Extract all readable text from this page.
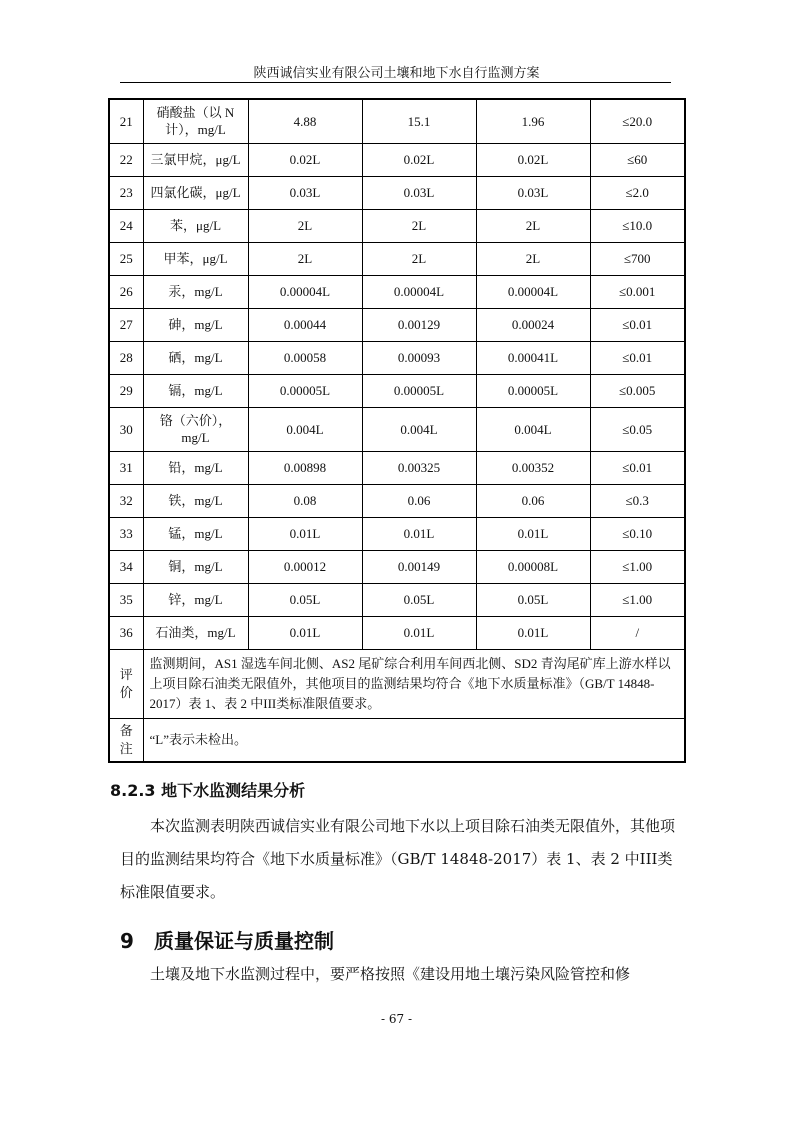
陕西诚信实业有限公司土壤和地下水自行监测方案
21	硝酸盐（以 N 计），mg/L	4.88	15.1	1.96	≤20.0
22	三氯甲烷，μg/L	0.02L	0.02L	0.02L	≤60
23	四氯化碳，μg/L	0.03L	0.03L	0.03L	≤2.0
24	苯，μg/L	2L	2L	2L	≤10.0
25	甲苯，μg/L	2L	2L	2L	≤700
26	汞，mg/L	0.00004L	0.00004L	0.00004L	≤0.001
27	砷，mg/L	0.00044	0.00129	0.00024	≤0.01
28	硒，mg/L	0.00058	0.00093	0.00041L	≤0.01
29	镉，mg/L	0.00005L	0.00005L	0.00005L	≤0.005
30	铬（六价），mg/L	0.004L	0.004L	0.004L	≤0.05
31	铅，mg/L	0.00898	0.00325	0.00352	≤0.01
32	铁，mg/L	0.08	0.06	0.06	≤0.3
33	锰，mg/L	0.01L	0.01L	0.01L	≤0.10
34	铜，mg/L	0.00012	0.00149	0.00008L	≤1.00
35	锌，mg/L	0.05L	0.05L	0.05L	≤1.00
36	石油类，mg/L	0.01L	0.01L	0.01L	/
评价	监测期间，AS1 湿选车间北侧、AS2 尾矿综合利用车间西北侧、SD2 青沟尾矿库上游水样以上项目除石油类无限值外，其他项目的监测结果均符合《地下水质量标准》（GB/T 14848-2017）表 1、表 2 中III类标准限值要求。				
备注	“L”表示未检出。				
8.2.3 地下水监测结果分析

本次监测表明陕西诚信实业有限公司地下水以上项目除石油类无限值外，其他项目的监测结果均符合《地下水质量标准》（GB/T 14848-2017）表 1、表 2 中III类标准限值要求。

9 质量保证与质量控制

土壤及地下水监测过程中，要严格按照《建设用地土壤污染风险管控和修

- 67 -
